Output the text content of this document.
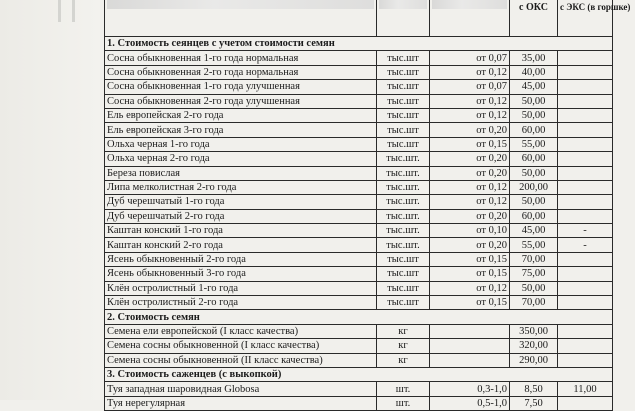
			с ОКС	с ЭКС (в горшке)
1. Стоимость сеянцев с учетом стоимости семян				
Сосна обыкновенная 1-го года нормальная	тыс.шт	от 0,07	35,00	
Сосна обыкновенная 2-го года нормальная	тыс.шт	от 0,12	40,00	
Сосна обыкновенная 1-го года улучшенная	тыс.шт	от 0,07	45,00	
Сосна обыкновенная 2-го года улучшенная	тыс.шт	от 0,12	50,00	
Ель европейская 2-го года	тыс.шт	от 0,12	50,00	
Ель европейская 3-го года	тыс.шт	от 0,20	60,00	
Ольха черная 1-го года	тыс.шт	от 0,15	55,00	
Ольха черная 2-го года	тыс.шт.	от 0,20	60,00	
Береза повислая	тыс.шт.	от 0,20	50,00	
Липа мелколистная 2-го года	тыс.шт.	от 0,12	200,00	
Дуб черешчатый 1-го года	тыс.шт.	от 0,12	50,00	
Дуб черешчатый 2-го года	тыс.шт.	от 0,20	60,00	
Каштан конский 1-го года	тыс.шт.	от 0,10	45,00	-
Каштан конский 2-го года	тыс.шт.	от 0,20	55,00	-
Ясень обыкновенный 2-го года	тыс.шт	от 0,15	70,00	
Ясень обыкновенный 3-го года	тыс.шт	от 0,15	75,00	
Клён остролистный 1-го года	тыс.шт	от 0,12	50,00	
Клён остролистный 2-го года	тыс.шт	от 0,15	70,00	
2. Стоимость семян				
Семена ели европейской (I класс качества)	кг		350,00	
Семена сосны обыкновенной (I класс качества)	кг		320,00	
Семена сосны обыкновенной (II класс качества)	кг		290,00	
3. Стоимость саженцев (с выкопкой)				
Туя западная шаровидная Globosa	шт.	0,3-1,0	8,50	11,00
Туя нерегулярная	шт.	0,5-1,0	7,50	
